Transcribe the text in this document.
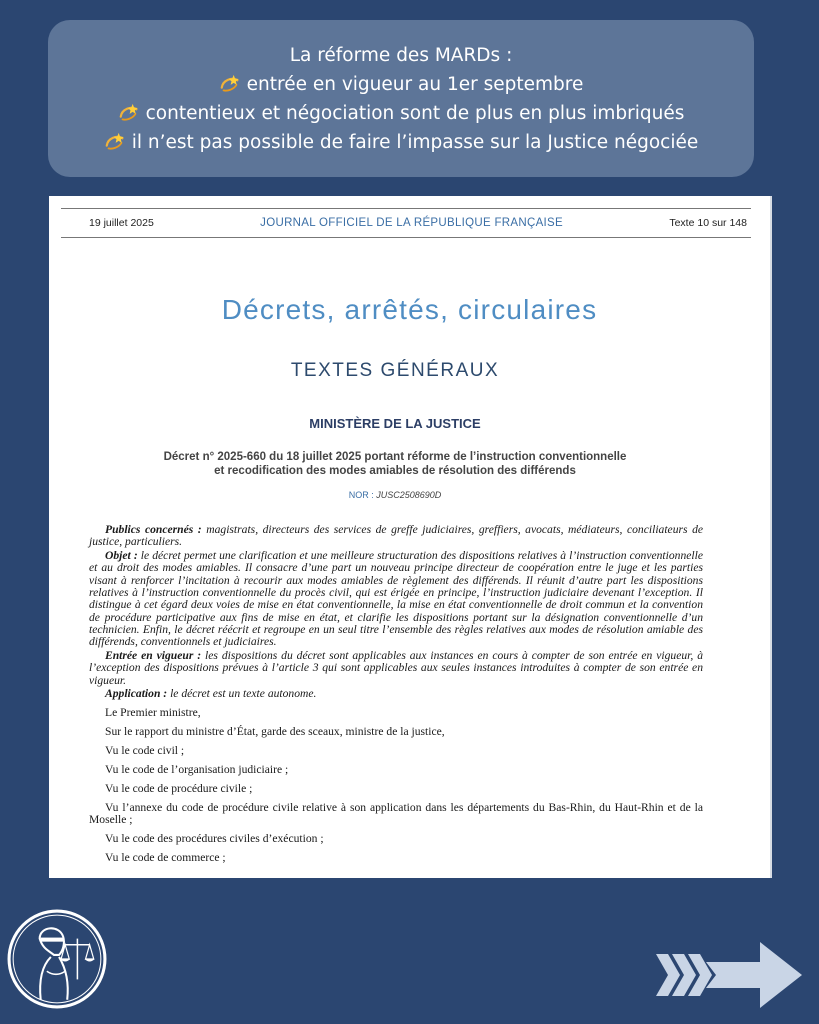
La réforme des MARDs :
entrée en vigueur au 1er septembre
contentieux et négociation sont de plus en plus imbriqués
il n’est pas possible de faire l’impasse sur la Justice négociée
19 juillet 2025	JOURNAL OFFICIEL DE LA RÉPUBLIQUE FRANÇAISE	Texte 10 sur 148
Décrets, arrêtés, circulaires
TEXTES GÉNÉRAUX
MINISTÈRE DE LA JUSTICE
Décret n° 2025-660 du 18 juillet 2025 portant réforme de l’instruction conventionnelle
et recodification des modes amiables de résolution des différends
NOR : JUSC2508690D

Publics concernés : magistrats, directeurs des services de greffe judiciaires, greffiers, avocats, médiateurs, conciliateurs de justice, particuliers.

Objet : le décret permet une clarification et une meilleure structuration des dispositions relatives à l’instruction conventionnelle et au droit des modes amiables. Il consacre d’une part un nouveau principe directeur de coopération entre le juge et les parties visant à renforcer l’incitation à recourir aux modes amiables de règlement des différends. Il réunit d’autre part les dispositions relatives à l’instruction conventionnelle du procès civil, qui est érigée en principe, l’instruction judiciaire devenant l’exception. Il distingue à cet égard deux voies de mise en état conventionnelle, la mise en état conventionnelle de droit commun et la convention de procédure participative aux fins de mise en état, et clarifie les dispositions portant sur la désignation conventionnelle d’un technicien. Enfin, le décret réécrit et regroupe en un seul titre l’ensemble des règles relatives aux modes de résolution amiable des différends, conventionnels et judiciaires.

Entrée en vigueur : les dispositions du décret sont applicables aux instances en cours à compter de son entrée en vigueur, à l’exception des dispositions prévues à l’article 3 qui sont applicables aux seules instances introduites à compter de son entrée en vigueur.

Application : le décret est un texte autonome.

Le Premier ministre,

Sur le rapport du ministre d’État, garde des sceaux, ministre de la justice,

Vu le code civil ;

Vu le code de l’organisation judiciaire ;

Vu le code de procédure civile ;

Vu l’annexe du code de procédure civile relative à son application dans les départements du Bas-Rhin, du Haut-Rhin et de la Moselle ;

Vu le code des procédures civiles d’exécution ;

Vu le code de commerce ;
